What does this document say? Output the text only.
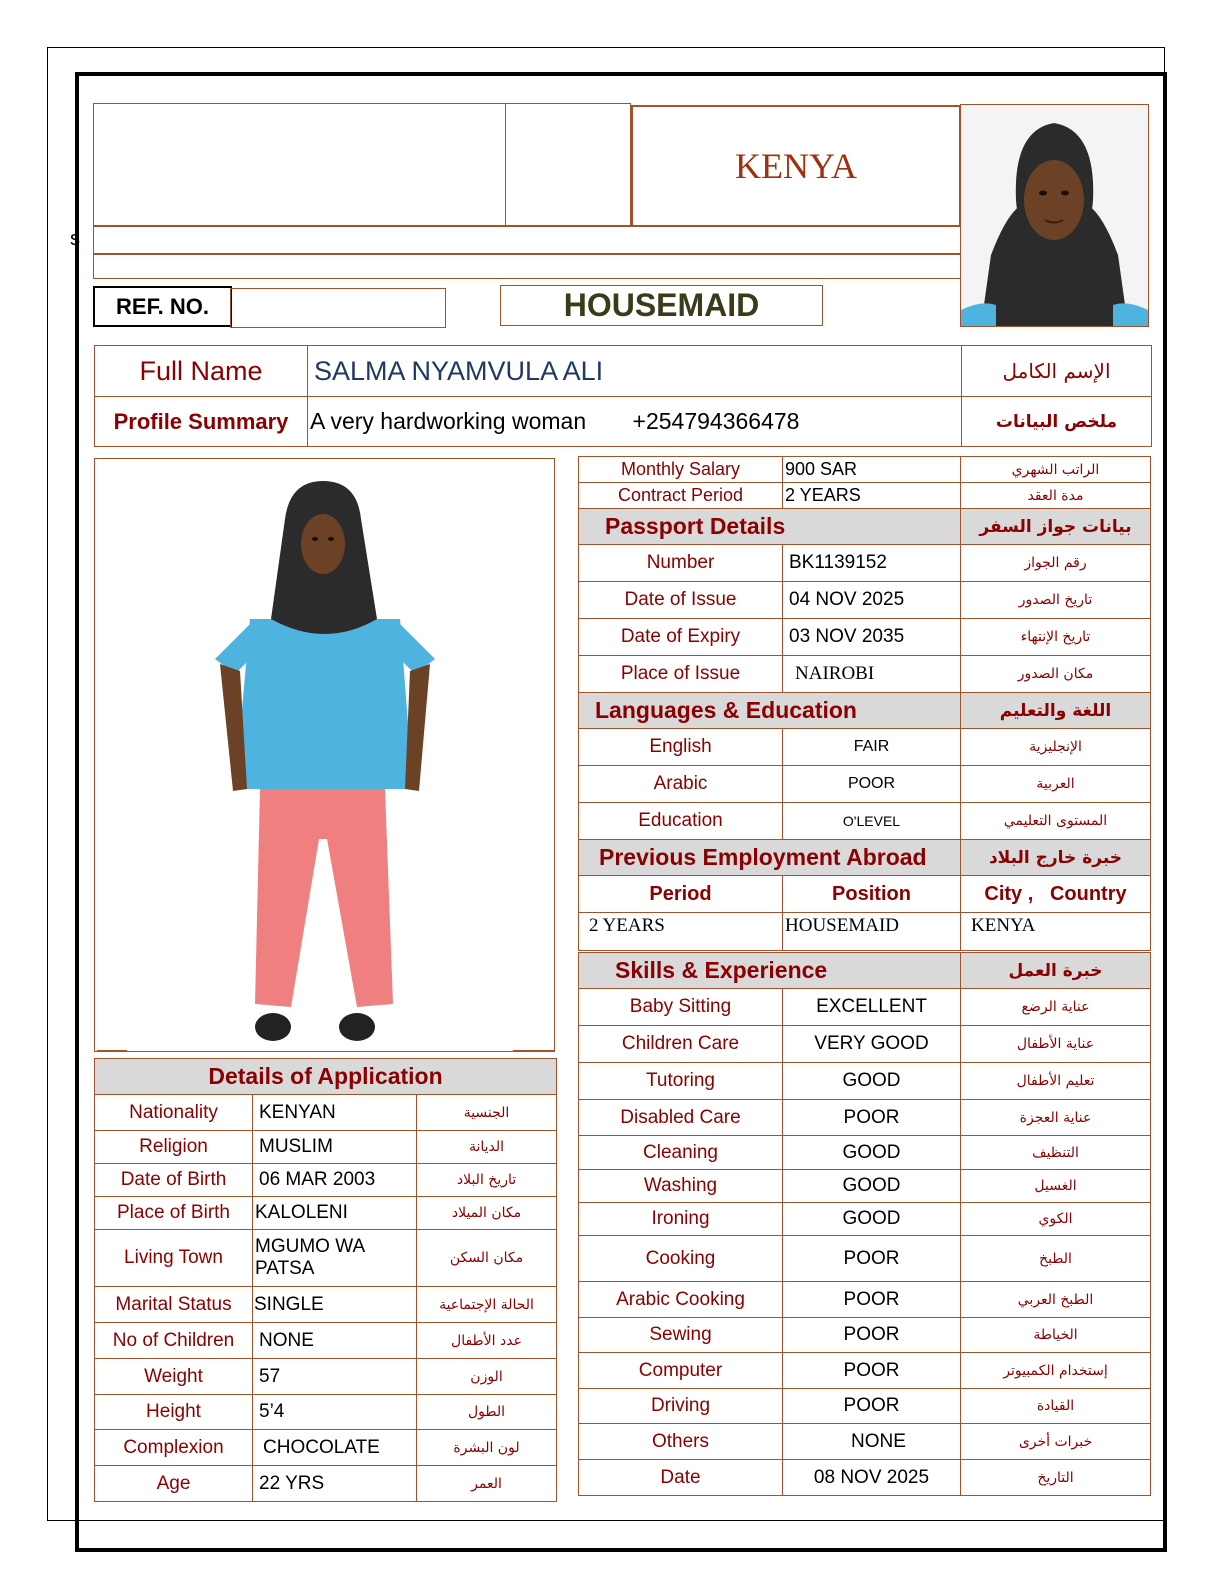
s
KENYA
REF. NO.	HOUSEMAID
Full Name	SALMA NYAMVULA ALI	الإسم الكامل
Profile Summary	A very hardworking woman +254794366478	ملخص البيانات
Details of Application		
Nationality	KENYAN	الجنسية
Religion	MUSLIM	الديانة
Date of Birth	06 MAR 2003	تاريخ البلاد
Place of Birth	KALOLENI	مكان الميلاد
Living Town	MGUMO WA PATSA	مكان السكن
Marital Status	SINGLE	الحالة الإجتماعية
No of Children	NONE	عدد الأطفال
Weight	57	الوزن
Height	5’4	الطول
Complexion	CHOCOLATE	لون البشرة
Age	22 YRS	العمر
Monthly Salary	900 SAR	الراتب الشهري
Contract Period	2 YEARS	مدة العقد
Passport Details		بيانات جواز السفر
Number	BK1139152	رقم الجواز
Date of Issue	04 NOV 2025	تاريخ الصدور
Date of Expiry	03 NOV 2035	تاريخ الإنتهاء
Place of Issue	NAIROBI	مكان الصدور
Languages & Education		اللغة والتعليم
English	FAIR	الإنجليزية
Arabic	POOR	العربية
Education	O'LEVEL	المستوى التعليمي
Previous Employment Abroad		خبرة خارج البلاد
Period	Position	City ,   Country
2 YEARS	HOUSEMAID	KENYA

Skills & Experience		خبرة العمل
Baby Sitting	EXCELLENT	عناية الرضع
Children Care	VERY GOOD	عناية الأطفال
Tutoring	GOOD	تعليم الأطفال
Disabled Care	POOR	عناية العجزة
Cleaning	GOOD	التنظيف
Washing	GOOD	الغسيل
Ironing	GOOD	الكوي
Cooking	POOR	الطبخ
Arabic Cooking	POOR	الطبخ العربي
Sewing	POOR	الخياطة
Computer	POOR	إستخدام الكمبيوتر
Driving	POOR	القيادة
Others	NONE	خبرات أخرى
Date	08 NOV 2025	التاريخ
